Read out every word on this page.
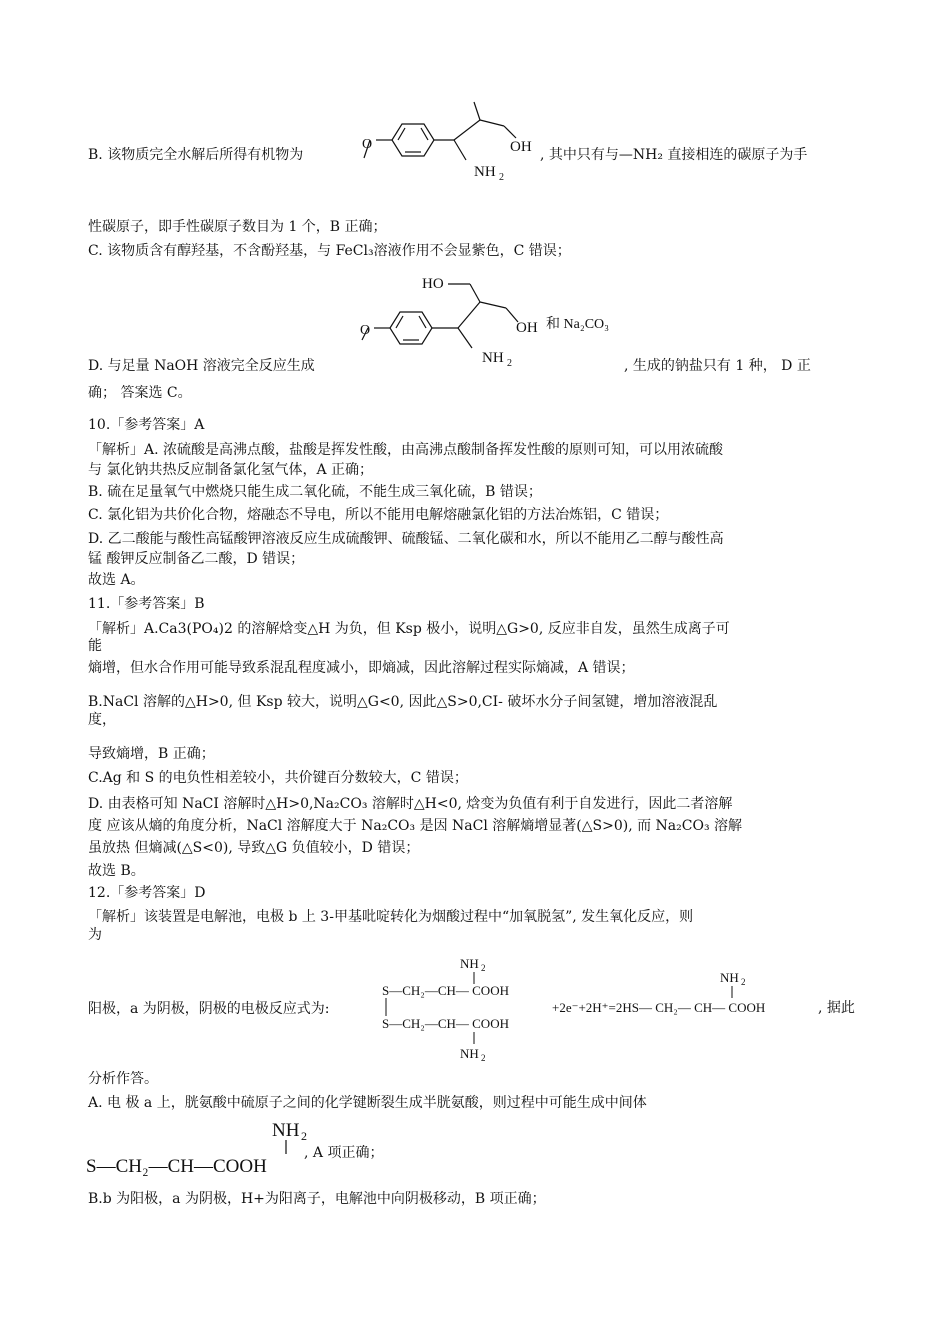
B. 该物质完全水解后所得有机物为
O	OH
NH 2
, 其中只有与—NH₂ 直接相连的碳原子为手
性碳原子，即手性碳原子数目为 1 个，B 正确；
C. 该物质含有醇羟基，不含酚羟基，与 FeCl₃溶液作用不会显紫色，C 错误；
O
HO
OH
NH 2
和 Na₂CO₃
D. 与足量 NaOH 溶液完全反应生成	, 生成的钠盐只有 1 种， D 正
确； 答案选 C。
10.「参考答案」A
「解析」A. 浓硫酸是高沸点酸，盐酸是挥发性酸，由高沸点酸制备挥发性酸的原则可知，可以用浓硫酸
与 氯化钠共热反应制备氯化氢气体，A 正确；
B. 硫在足量氧气中燃烧只能生成二氧化硫，不能生成三氧化硫，B 错误；
C. 氯化铝为共价化合物，熔融态不导电，所以不能用电解熔融氯化铝的方法冶炼铝，C 错误；
D. 乙二酸能与酸性高锰酸钾溶液反应生成硫酸钾、硫酸锰、二氧化碳和水，所以不能用乙二醇与酸性高
锰 酸钾反应制备乙二酸，D 错误；
故选 A。
11.「参考答案」B
「解析」A.Ca3(PO₄)2 的溶解焓变△H 为负，但 Ksp 极小，说明△G>0, 反应非自发，虽然生成离子可
能
熵增，但水合作用可能导致系混乱程度减小，即熵减，因此溶解过程实际熵减，A 错误；
B.NaCl 溶解的△H>0, 但 Ksp 较大，说明△G<0, 因此△S>0,CI- 破坏水分子间氢键，增加溶液混乱
度，
导致熵增，B 正确；
C.Ag 和 S 的电负性相差较小，共价键百分数较大，C 错误；
D. 由表格可知 NaCI 溶解时△H>0,Na₂CO₃ 溶解时△H<0, 焓变为负值有利于自发进行，因此二者溶解
度 应该从熵的角度分析，NaCl 溶解度大于 Na₂CO₃ 是因 NaCl 溶解熵增显著(△S>0), 而 Na₂CO₃ 溶解
虽放热 但熵减(△S<0), 导致△G 负值较小，D 错误；
故选 B。
12.「参考答案」D
「解析」该装置是电解池，电极 b 上 3-甲基吡啶转化为烟酸过程中“加氧脱氢”, 发生氧化反应，则
为
阳极，a 为阴极，阴极的电极反应式为:
NH 2
S—CH₂—CH— COOH
S—CH₂—CH— COOH
NH 2
+2e⁻+2H⁺=2HS— CH₂— CH— COOH
NH 2
, 据此
分析作答。
A. 电 极 a 上，胱氨酸中硫原子之间的化学键断裂生成半胱氨酸，则过程中可能生成中间体
NH 2
S—CH₂—CH—COOH
, A 项正确；
B.b 为阳极，a 为阴极，H+为阳离子，电解池中向阴极移动，B 项正确；
